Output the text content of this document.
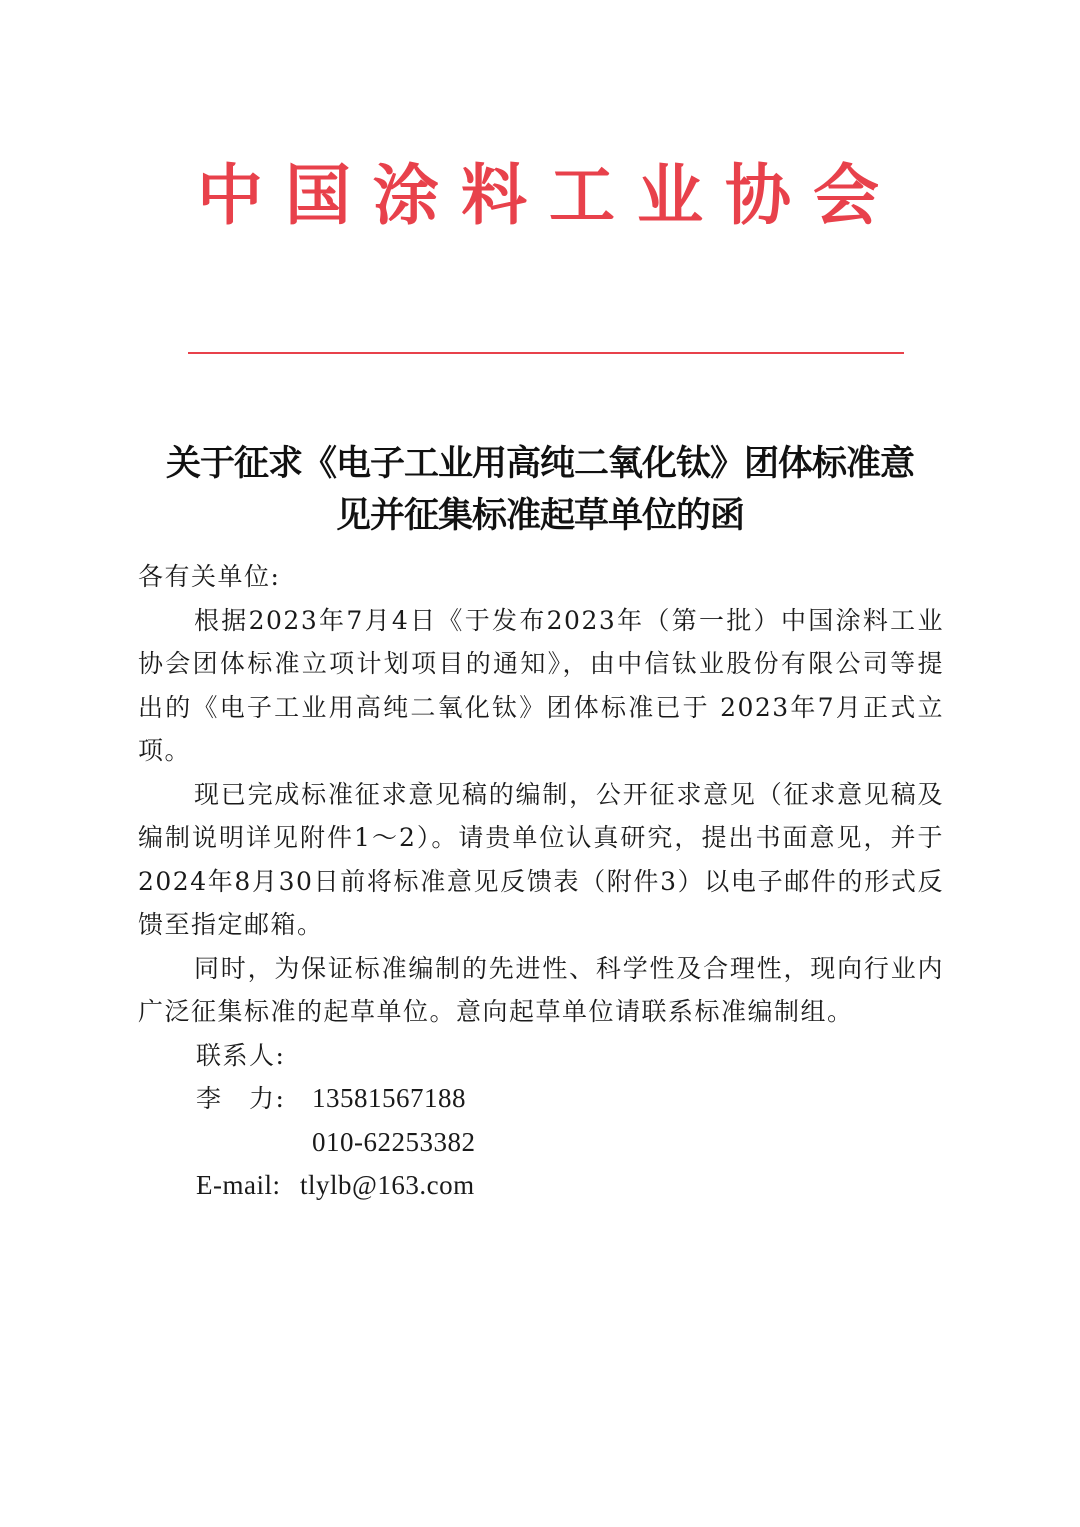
中国涂料工业协会
关于征求《电子工业用高纯二氧化钛》团体标准意
见并征集标准起草单位的函

各有关单位:

根据2023年7月4日《于发布2023年（第一批）中国涂料工业协会团体标准立项计划项目的通知》，由中信钛业股份有限公司等提出的《电子工业用高纯二氧化钛》团体标准已于 2023年7月正式立项。

现已完成标准征求意见稿的编制，公开征求意见（征求意见稿及编制说明详见附件1～2）。请贵单位认真研究，提出书面意见，并于2024年8月30日前将标准意见反馈表（附件3）以电子邮件的形式反馈至指定邮箱。

同时，为保证标准编制的先进性、科学性及合理性，现向行业内广泛征集标准的起草单位。意向起草单位请联系标准编制组。

联系人:
李　力: 13581567188
010-62253382
E-mail: tlylb@163.com
